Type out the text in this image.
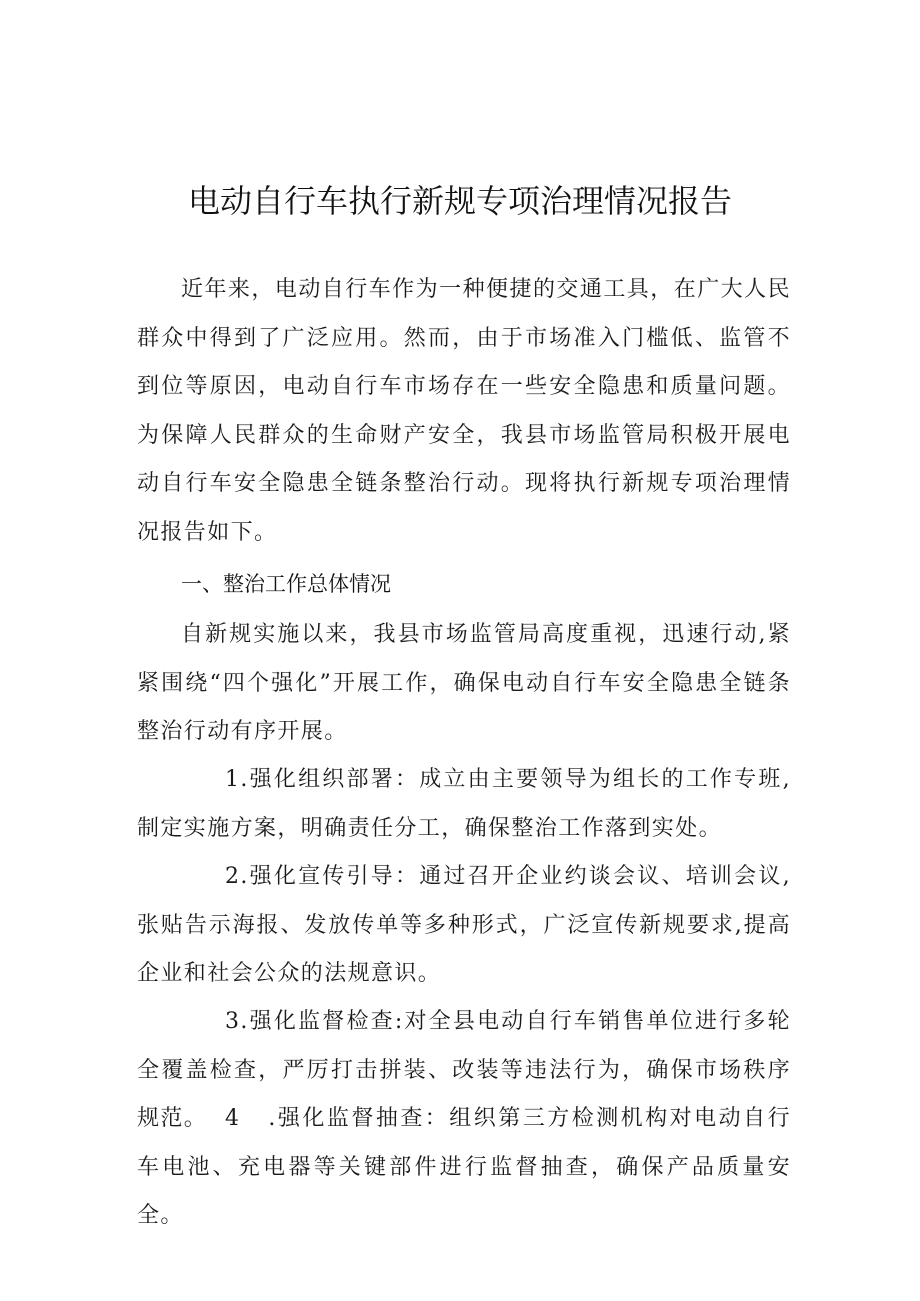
电动自行车执行新规专项治理情况报告

近年来，电动自行车作为一种便捷的交通工具，在广大人民群众中得到了广泛应用。然而，由于市场准入门槛低、监管不到位等原因，电动自行车市场存在一些安全隐患和质量问题。为保障人民群众的生命财产安全，我县市场监管局积极开展电动自行车安全隐患全链条整治行动。现将执行新规专项治理情况报告如下。

一、整治工作总体情况

自新规实施以来，我县市场监管局高度重视，迅速行动,紧紧围绕“四个强化”开展工作，确保电动自行车安全隐患全链条整治行动有序开展。

1.强化组织部署：成立由主要领导为组长的工作专班,制定实施方案，明确责任分工，确保整治工作落到实处。

2.强化宣传引导：通过召开企业约谈会议、培训会议,张贴告示海报、发放传单等多种形式，广泛宣传新规要求,提高企业和社会公众的法规意识。

3.强化监督检查:对全县电动自行车销售单位进行多轮全覆盖检查，严厉打击拼装、改装等违法行为，确保市场秩序规范。 4 .强化监督抽查：组织第三方检测机构对电动自行车电池、充电器等关键部件进行监督抽查，确保产品质量安全。
